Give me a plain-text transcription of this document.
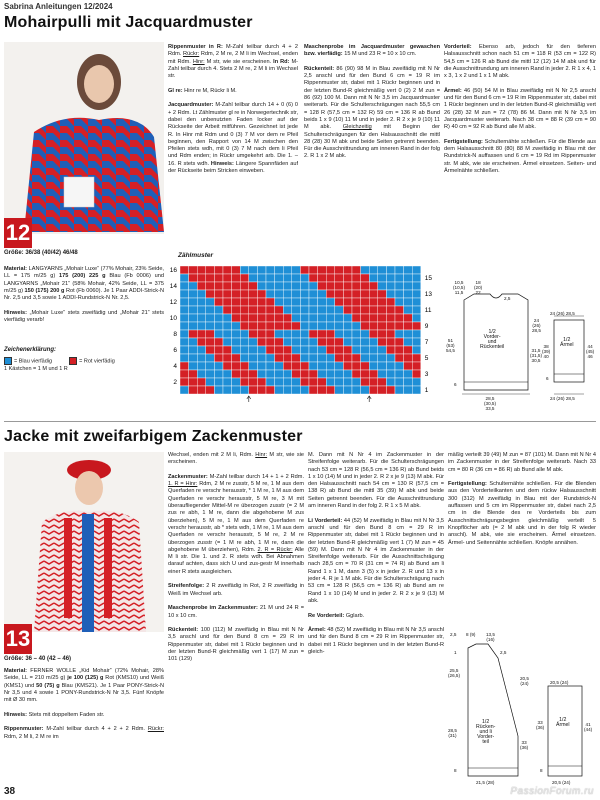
Sabrina Anleitungen 12/2024
Mohairpulli mit Jacquardmuster
12
Größe: 36/38 (40/42) 46/48
Material: LANGYARNS „Mohair Luxe“ (77% Mohair, 23% Seide, LL = 175 m/25 g) 175 (200) 225 g Blau (Fb 0006) und LANGYARNS „Mohair 21“ (58% Mohair, 42% Seide, LL = 375 m/25 g) 150 (175) 200 g Rot (Fb 0060). Je 1 Paar ADDI-Strick-N Nr. 2,5 und 3,5 sowie 1 ADDI-Rundstrick-N Nr. 2,5.

Hinweis: „Mohair Luxe“ stets zweifädig und „Mohair 21“ stets vierfädig verarb!
Zeichenerklärung:
= Blau vierfädig	= Rot vierfädig
1 Kästchen = 1 M und 1 R
Rippenmuster in R: M-Zahl teilbar durch 4 + 2 Rdm. Rückr: Rdm, 2 M re, 2 M li im Wechsel, enden mit Rdm. Hinr: M str, wie sie erscheinen. In Rd: M-Zahl teilbar durch 4. Stets 2 M re, 2 M li im Wechsel str.

Gl re: Hinr re M, Rückr li M.

Jacquardmuster: M-Zahl teilbar durch 14 + 0 (6) 0 + 2 Rdm. Lt Zählmuster gl re in Norwegertechnik str, dabei den unbenutzten Faden locker auf der Rückseite der Arbeit mitführen. Gezeichnet ist jede R. In Hinr mit Rdm und 0 (3) 7 M vor dem re Pfeil beginnen, den Rapport von 14 M zwischen den Pfeilen stets wdh, mit 0 (3) 7 M nach dem li Pfeil und Rdm enden; in Rückr umgekehrt arb. Die 1. – 16. R stets wdh. Hinweis: Längere Spannfäden auf der Rückseite beim Stricken einweben.
Maschenprobe im Jacquardmuster gewaschen bzw. vierfädig: 15 M und 23 R = 10 x 10 cm.

Rückenteil: 86 (90) 98 M in Blau zweifädig mit N Nr 2,5 anschl und für den Bund 6 cm = 19 R im Rippenmuster str, dabei mit 1 Rückr beginnen und in der letzten Bund-R gleichmäßig vert 0 (2) 2 M zun = 86 (92) 100 M. Dann mit N Nr 3,5 im Jacquardmuster weiterarb. Für die Schulterschrägungen nach 55,5 cm = 128 R (57,5 cm = 132 R) 59 cm = 136 R ab Bund beids 1 x 9 (10) 11 M und in jeder 2. R 2 x je 9 (10) 11 M abk. Gleichzeitig mit Beginn der Schulterschrägungen für den Halsausschnitt die mittl 28 (28) 30 M abk und beide Seiten getrennt beenden. Für die Ausschnittrundung am inneren Rand in der folg 2. R 1 x 2 M abk.
Vorderteil: Ebenso arb, jedoch für den tieferen Halsausschnitt schon nach 51 cm = 118 R (53 cm = 122 R) 54,5 cm = 126 R ab Bund die mittl 12 (12) 14 M abk und für die Ausschnittrundung am inneren Rand in jeder 2. R 1 x 4, 1 x 3, 1 x 2 und 1 x 1 M abk.

Ärmel: 46 (50) 54 M in Blau zweifädig mit N Nr 2,5 anschl und für den Bund 6 cm = 19 R im Rippenmuster str, dabei mit 1 Rückr beginnen und in der letzten Bund-R gleichmäßig vert 26 (28) 32 M zun = 72 (78) 86 M. Dann mit N Nr 3,5 im Jacquardmuster weiterarb. Nach 38 cm = 88 R (39 cm = 90 R) 40 cm = 92 R ab Bund alle M abk.

Fertigstellung: Schulternähte schließen. Für die Blende aus dem Halsausschnitt 80 (80) 88 M zweifädig in Blau mit der Rundstrick-N auffassen und 6 cm = 19 Rd im Rippenmuster str. M abk, wie sie erscheinen. Ärmel einsetzen. Seiten- und Ärmelnähte schließen.
Zählmuster
16
14
12
10
8
6
4
2
15
13
11
9
7
5
3
1
10,5
(10,5)
11,5
18
(20)
22
2,5
1/2
Vorder-
und
Rückenteil
51
(53)
54,5	31,5
(31,5)
30,5
24
(26)
28,5
6
28,5
(30,5)
33,5
24 (26) 28,5
1/2
Ärmel
38
(39)
40
44
(45)
46
6
24 (26) 28,5
Jacke mit zweifarbigem Zackenmuster
13
Größe: 36 – 40 (42 – 46)
Material: FERNER WOLLE „Kid Mohair“ (72% Mohair, 28% Seide, LL = 210 m/25 g) je 100 (125) g Rot (KMS10) und Weiß (KMS1) und 50 (75) g Blau (KMS21). Je 1 Paar PONY-Strick-N Nr 3,5 und 4 sowie 1 PONY-Rundstrick-N Nr 3,5. Fünf Knöpfe mit Ø 30 mm.

Hinweis: Stets mit doppeltem Faden str.

Rippenmuster: M-Zahl teilbar durch 4 + 2 + 2 Rdm. Rückr: Rdm, 2 M li, 2 M re im
Wechsel, enden mit 2 M li, Rdm. Hinr: M str, wie sie erscheinen.

Zackenmuster: M-Zahl teilbar durch 14 + 1 + 2 Rdm. 1. R = Hinr: Rdm, 2 M re zusstr, 5 M re, 1 M aus dem Querfaden re verschr herausstr, * 1 M re, 1 M aus dem Querfaden re verschr herausstr, 5 M re, 3 M mit überaufliegender Mittel-M re überzogen zusstr (= 2 M zus re abh, 1 M re, dann die abgehobene M zus überziehen), 5 M re, 1 M aus dem Querfaden re verschr herausstr, ab * stets wdh, 1 M re, 1 M aus dem Querfaden re verschr herausstr, 5 M re, 2 M re überzogen zusstr (= 1 M re abh, 1 M re, dann die abgehobene M überziehen), Rdm. 2. R = Rückr: Alle M li str. Die 1. und 2. R stets wdh. Bei Abnahmen darauf achten, dass sich U und zus-gestr M innerhalb einer R stets ausgleichen.

Streifenfolge: 2 R zweifädig in Rot, 2 R zweifädig in Weiß im Wechsel arb.

Maschenprobe im Zackenmuster: 21 M und 24 R = 10 x 10 cm.

Rückenteil: 100 (112) M zweifädig in Blau mit N Nr 3,5 anschl und für den Bund 8 cm = 29 R im Rippenmuster str, dabei mit 1 Rückr beginnen und in der letzten Bund-R gleichmäßig vert 1 (17) M zun = 101 (129)
M. Dann mit N Nr 4 im Zackenmuster in der Streifenfolge weiterarb. Für die Schulterschrägungen nach 53 cm = 128 R (56,5 cm = 136 R) ab Bund beids 1 x 10 (14) M und in jeder 2. R 2 x je 9 (13) M abk. Für den Halsausschnitt nach 54 cm = 130 R (57,5 cm = 138 R) ab Bund die mittl 35 (39) M abk und beide Seiten getrennt beenden. Für die Ausschnittrundung am inneren Rand in der folg 2. R 1 x 5 M abk.

Li Vorderteil: 44 (52) M zweifädig in Blau mit N Nr 3,5 anschl und für den Bund 8 cm = 29 R im Rippenmuster str, dabei mit 1 Rückr beginnen und in der letzten Bund-R gleichmäßig vert 1 (7) M zun = 45 (59) M. Dann mit N Nr 4 im Zackenmuster in der Streifenfolge weiterarb. Für die Ausschnittschrägung nach 28,5 cm = 70 R (31 cm = 74 R) ab Bund am li Rand 1 x 1 M, dann 3 (5) x in jeder 2. R und 13 x in jeder 4. R je 1 M abk. Für die Schulterschrägung nach 53 cm = 128 R (56,5 cm = 136 R) ab Bund am re Rand 1 x 10 (14) M und in jeder 2. R 2 x je 9 (13) M abk.

Re Vorderteil: Gglarb.

Ärmel: 48 (52) M zweifädig in Blau mit N Nr 3,5 anschl und für den Bund 8 cm = 29 R im Rippenmuster str, dabei mit 1 Rückr beginnen und in der letzten Bund-R gleich-
mäßig verteilt 39 (49) M zun = 87 (101) M. Dann mit N Nr 4 im Zackenmuster in der Streifenfolge weiterarb. Nach 33 cm = 80 R (36 cm = 86 R) ab Bund alle M abk.

Fertigstellung: Schulternähte schließen. Für die Blenden aus den Vorderteilkanten und dem rückw Halsausschnitt 300 (312) M zweifädig in Blau mit der Rundstrick-N auffassen und 5 cm im Rippenmuster str, dabei nach 2,5 cm in die Blende des re Vorderteils bis zum Ausschnittschrägungsbeginn gleichmäßig verteilt 5 Knopflöcher arb (= 2 M abk und in der folg R wieder anschl). M abk, wie sie erscheinen. Ärmel einsetzen. Ärmel- und Seitennähte schließen. Knöpfe annähen.
2,5 8 (9) 13,5
(16)
1
25,5
(26,5)
28,5
(31)
8
20,5
(24)
33
(36)
1/2
Rücken-
und li
Vorder-
teil
2,5
21,5 (28)
20,5 (24)
1/2
Ärmel
33
(36)
41
(44)
8
20,5 (24)
38	PassionForum.ru
